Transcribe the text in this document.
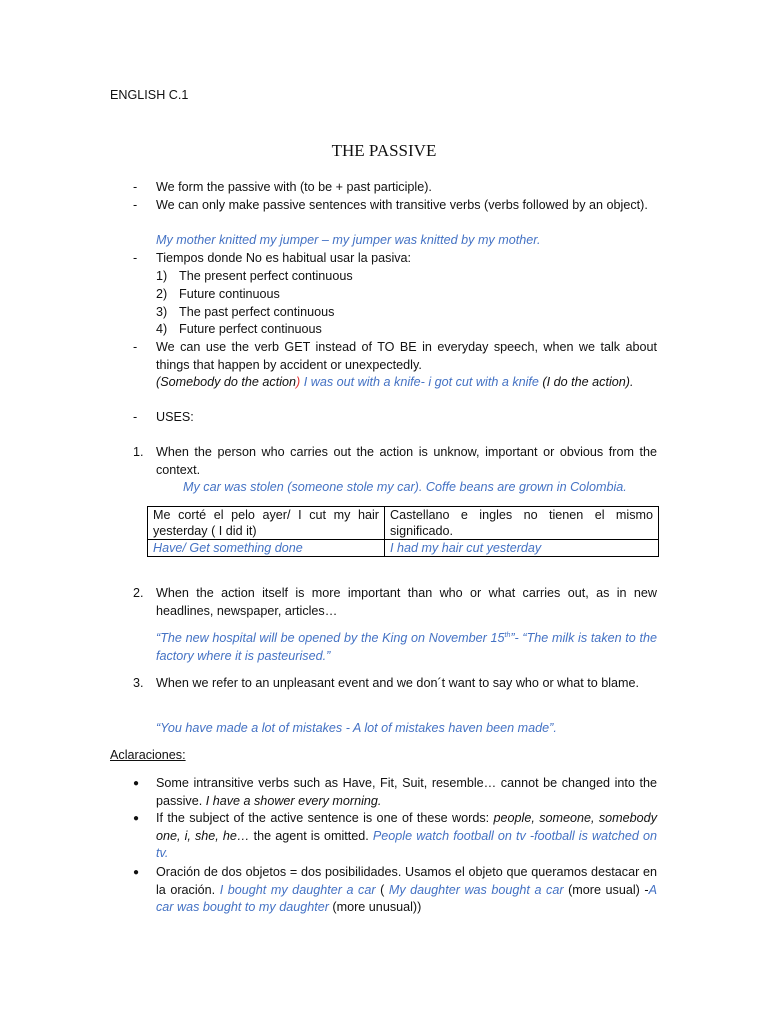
ENGLISH C.1
THE PASSIVE
- We form the passive with (to be + past participle).
- We can only make passive sentences with transitive verbs (verbs followed by an object).
My mother knitted my jumper – my jumper was knitted by my mother.
- Tiempos donde No es habitual usar la pasiva:
1) The present perfect continuous
2) Future continuous
3) The past perfect continuous
4) Future perfect continuous
- We can use the verb GET instead of TO BE in everyday speech, when we talk about things that happen by accident or unexpectedly.
(Somebody do the action) I was out with a knife- i got cut with a knife (I do the action).
- USES:
1. When the person who carries out the action is unknow, important or obvious from the context.
My car was stolen (someone stole my car). Coffe beans are grown in Colombia.
Me corté el pelo ayer/ I cut my hair yesterday ( I did it)	Castellano e ingles no tienen el mismo significado.
Have/ Get something done	I had my hair cut yesterday
2. When the action itself is more important than who or what carries out, as in new headlines, newspaper, articles…
“The new hospital will be opened by the King on November 15th”- “The milk is taken to the factory where it is pasteurised.”
3. When we refer to an unpleasant event and we don´t want to say who or what to blame.
“You have made a lot of mistakes - A lot of mistakes haven been made”.
Aclaraciones:
● Some intransitive verbs such as Have, Fit, Suit, resemble… cannot be changed into the passive. I have a shower every morning.
● If the subject of the active sentence is one of these words: people, someone, somebody one, i, she, he… the agent is omitted. People watch football on tv -football is watched on tv.
● Oración de dos objetos = dos posibilidades. Usamos el objeto que queramos destacar en la oración. I bought my daughter a car ( My daughter was bought a car (more usual) -A car was bought to my daughter (more unusual))
